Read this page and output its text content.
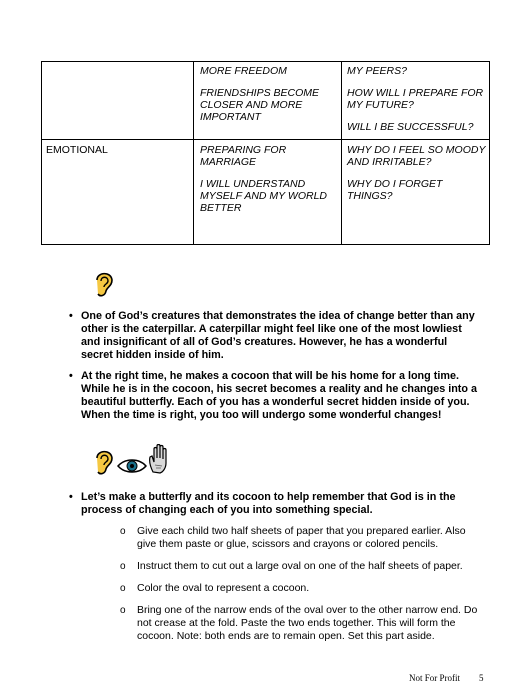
MORE FREEDOM

FRIENDSHIPS BECOME CLOSER AND MORE IMPORTANT

MY PEERS?

HOW WILL I PREPARE FOR MY FUTURE?

WILL I BE SUCCESSFUL?

EMOTIONAL	PREPARING FOR MARRIAGE

I WILL UNDERSTAND MYSELF AND MY WORLD BETTER

WHY DO I FEEL SO MOODY AND IRRITABLE?

WHY DO I FORGET THINGS?

• One of God’s creatures that demonstrates the idea of change better than any other is the caterpillar. A caterpillar might feel like one of the most lowliest and insignificant of all of God’s creatures. However, he has a wonderful secret hidden inside of him.
• At the right time, he makes a cocoon that will be his home for a long time. While he is in the cocoon, his secret becomes a reality and he changes into a beautiful butterfly. Each of you has a wonderful secret hidden inside of you. When the time is right, you too will undergo some wonderful changes!
• Let’s make a butterfly and its cocoon to help remember that God is in the process of changing each of you into something special.
o Give each child two half sheets of paper that you prepared earlier. Also give them paste or glue, scissors and crayons or colored pencils.
o Instruct them to cut out a large oval on one of the half sheets of paper.
o Color the oval to represent a cocoon.
o Bring one of the narrow ends of the oval over to the other narrow end. Do not crease at the fold. Paste the two ends together. This will form the cocoon. Note: both ends are to remain open. Set this part aside.
Not For Profit 5
